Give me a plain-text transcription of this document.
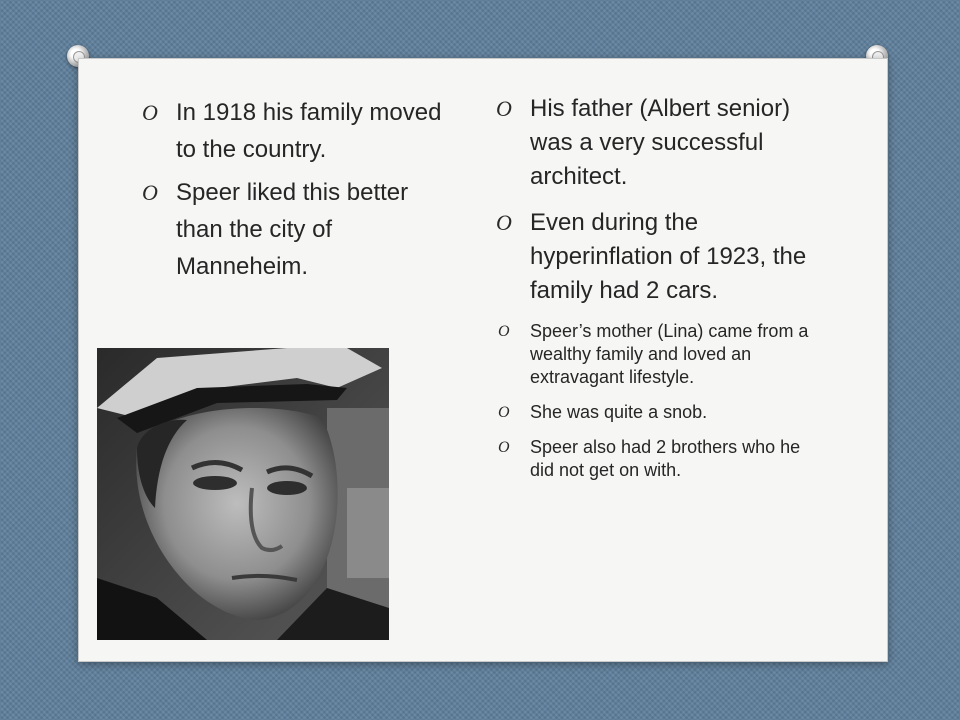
O In 1918 his family moved to the country.

O Speer liked this better than the city of Manneheim.

O His father (Albert senior) was a very successful architect.

O Even during the hyperinflation of 1923, the family had 2 cars.

O Speer’s mother (Lina) came from a wealthy family and loved an extravagant lifestyle.

O She was quite a snob.

O Speer also had 2 brothers who he did not get on with.
